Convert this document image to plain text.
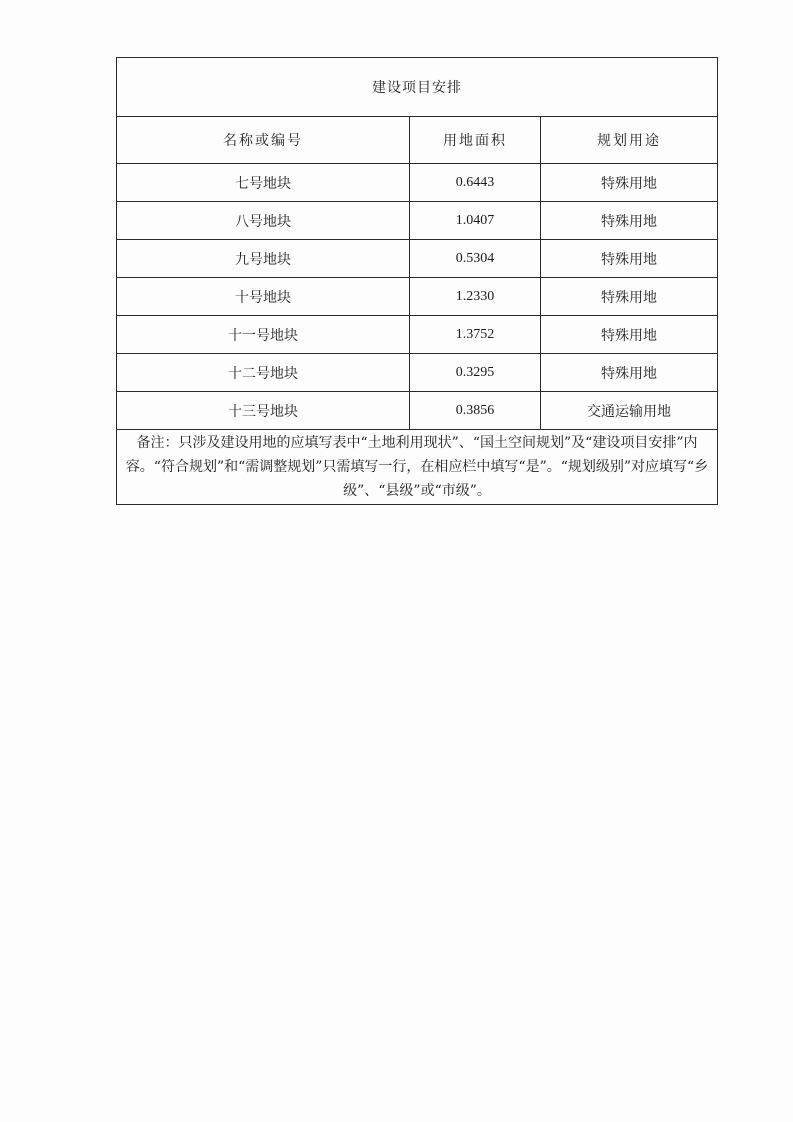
建设项目安排		
名称或编号	用地面积	规划用途
七号地块	0.6443	特殊用地
八号地块	1.0407	特殊用地
九号地块	0.5304	特殊用地
十号地块	1.2330	特殊用地
十一号地块	1.3752	特殊用地
十二号地块	0.3295	特殊用地
十三号地块	0.3856	交通运输用地
备注：只涉及建设用地的应填写表中“土地利用现状”、“国土空间规划”及“建设项目安排”内容。“符合规划”和“需调整规划”只需填写一行，在相应栏中填写“是”。“规划级别”对应填写“乡级”、“县级”或“市级”。		
